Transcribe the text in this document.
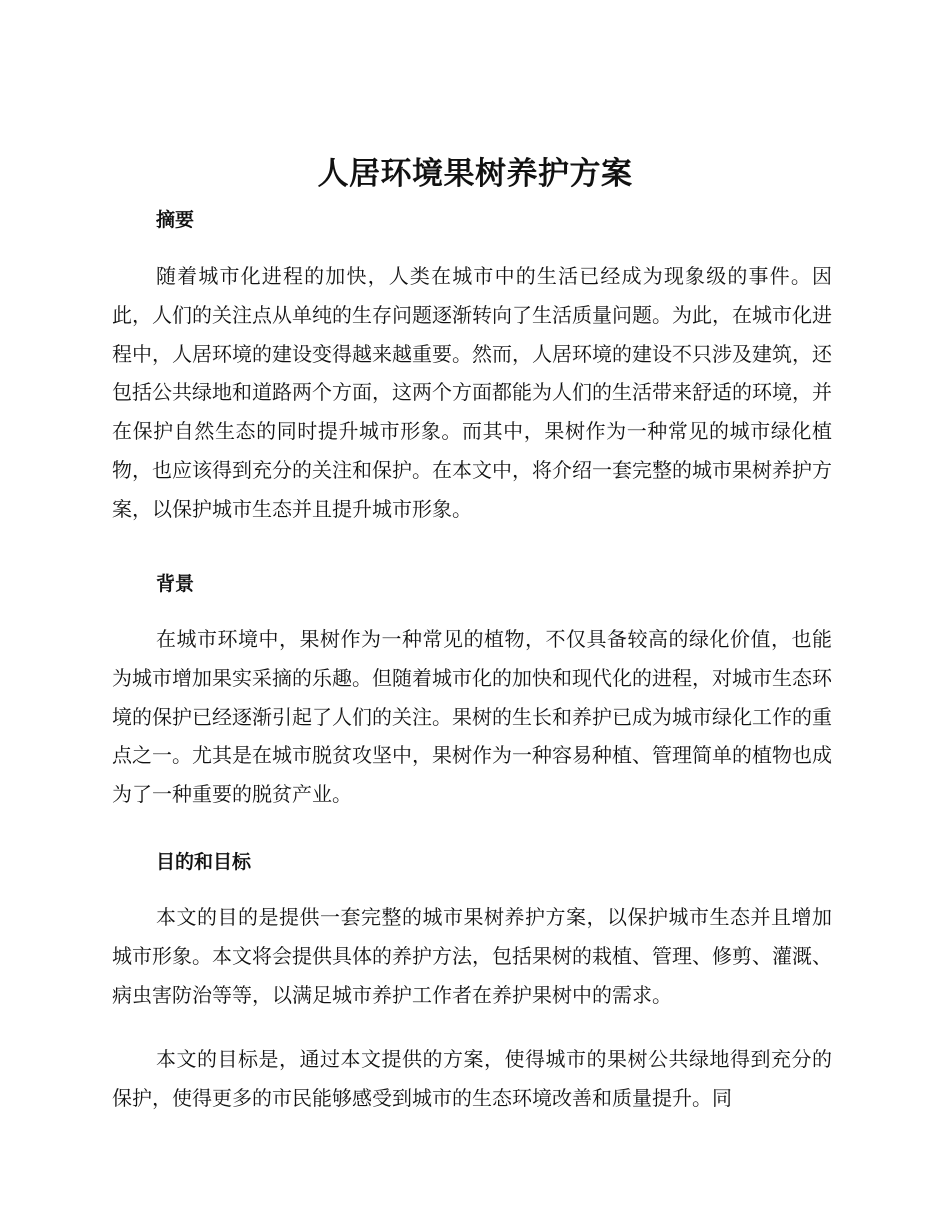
人居环境果树养护方案
摘要

随着城市化进程的加快，人类在城市中的生活已经成为现象级的事件。因此，人们的关注点从单纯的生存问题逐渐转向了生活质量问题。为此，在城市化进程中，人居环境的建设变得越来越重要。然而，人居环境的建设不只涉及建筑，还包括公共绿地和道路两个方面，这两个方面都能为人们的生活带来舒适的环境，并在保护自然生态的同时提升城市形象。而其中，果树作为一种常见的城市绿化植物，也应该得到充分的关注和保护。在本文中，将介绍一套完整的城市果树养护方案，以保护城市生态并且提升城市形象。

背景

在城市环境中，果树作为一种常见的植物，不仅具备较高的绿化价值，也能为城市增加果实采摘的乐趣。但随着城市化的加快和现代化的进程，对城市生态环境的保护已经逐渐引起了人们的关注。果树的生长和养护已成为城市绿化工作的重点之一。尤其是在城市脱贫攻坚中，果树作为一种容易种植、管理简单的植物也成为了一种重要的脱贫产业。

目的和目标

本文的目的是提供一套完整的城市果树养护方案，以保护城市生态并且增加城市形象。本文将会提供具体的养护方法，包括果树的栽植、管理、修剪、灌溉、病虫害防治等等，以满足城市养护工作者在养护果树中的需求。

本文的目标是，通过本文提供的方案，使得城市的果树公共绿地得到充分的保护，使得更多的市民能够感受到城市的生态环境改善和质量提升。同
